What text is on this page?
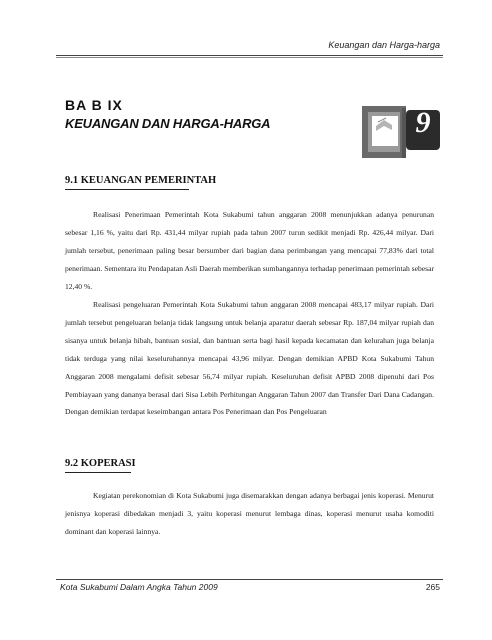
Keuangan dan Harga-harga
BA B IX
KEUANGAN DAN HARGA-HARGA	9
9.1 KEUANGAN PEMERINTAH

Realisasi Penerimaan Pemerintah Kota Sukabumi tahun anggaran 2008 menunjukkan adanya penurunan sebesar 1,16 %, yaitu dari Rp. 431,44 milyar rupiah pada tahun 2007 turun sedikit menjadi Rp. 426,44 milyar. Dari jumlah tersebut, penerimaan paling besar bersumber dari bagian dana perimbangan yang mencapai 77,83% dari total penerimaan. Sementara itu Pendapatan Asli Daerah memberikan sumbangannya terhadap penerimaan pemerintah sebesar 12,40 %.

Realisasi pengeluaran Pemerintah Kota Sukabumi tahun anggaran 2008 mencapai 483,17 milyar rupiah. Dari jumlah tersebut pengeluaran belanja tidak langsung untuk belanja aparatur daerah sebesar Rp. 187,04 milyar rupiah dan sisanya untuk belanja hibah, bantuan sosial, dan bantuan serta bagi hasil kepada kecamatan dan kelurahan juga belanja tidak terduga yang nilai keseluruhannya mencapai 43,96 milyar. Dengan demikian APBD Kota Sukabumi Tahun Anggaran 2008 mengalami defisit sebesar 56,74 milyar rupiah. Keseluruhan defisit APBD 2008 dipenuhi dari Pos Pembiayaan yang dananya berasal dari Sisa Lebih Perhitungan Anggaran Tahun 2007 dan Transfer Dari Dana Cadangan. Dengan demikian terdapat keseimbangan antara Pos Penerimaan dan Pos Pengeluaran

9.2 KOPERASI

Kegiatan perekonomian di Kota Sukabumi juga disemarakkan dengan adanya berbagai jenis koperasi. Menurut jenisnya koperasi dibedakan menjadi 3, yaitu koperasi menurut lembaga dinas, koperasi menurut usaha komoditi dominant dan koperasi lainnya.

Kota Sukabumi Dalam Angka Tahun 2009	265
